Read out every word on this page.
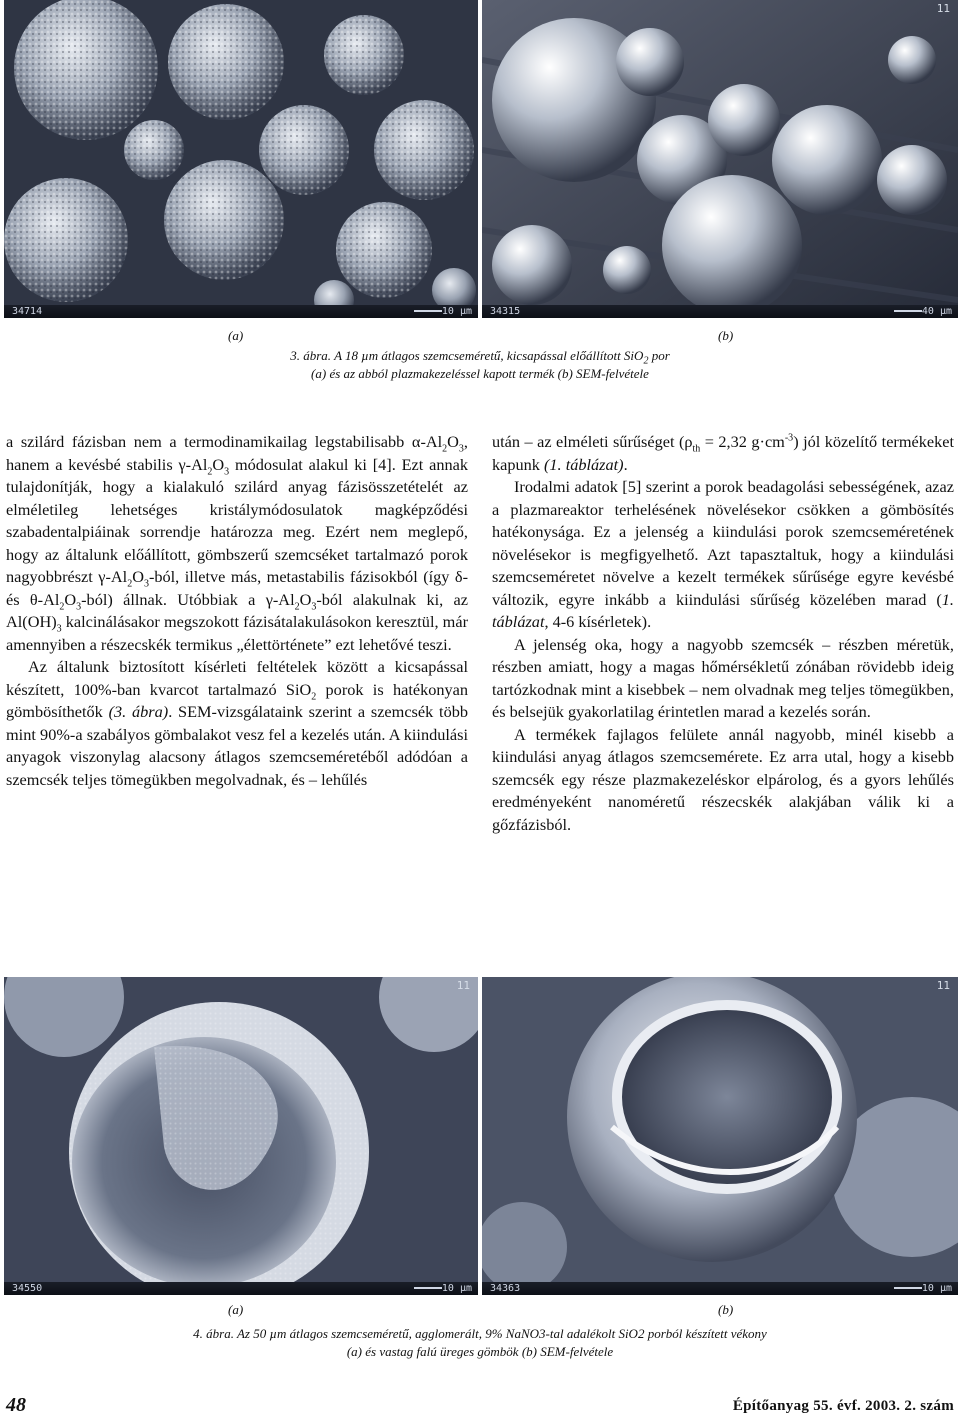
34714	10 µm
11
34315	40 µm
(a)	(b)
3. ábra. A 18 µm átlagos szemcseméretű, kicsapással előállított SiO$_2$ por
(a) és az abból plazmakezeléssel kapott termék (b) SEM-felvétele

a szilárd fázisban nem a termodinamikailag legstabilisabb $\alpha-Al_2O_3$, hanem a kevésbé stabilis $\gamma-Al_2O_3$ módosulat alakul ki [4]. Ezt annak tulajdonítják, hogy a kialakuló szilárd anyag fázisösszetételét az elméletileg lehetséges kristálymódosulatok magképződési szabadentalpiáinak sorrendje határozza meg. Ezért nem meglepő, hogy az általunk előállított, gömbszerű szemcséket tartalmazó porok nagyobbrészt $\gamma-Al_2O_3$-ból, illetve más, metastabilis fázisokból (így δ- és $\theta-Al_2O_3-ból$) állnak. Utóbbiak a $\gamma-Al_2O_3$-ból alakulnak ki, az $Al(OH)_3$ kalcinálásakor megszokott fázisátalakulásokon keresztül, már amennyiben a részecskék termikus „élettörténete” ezt lehetővé teszi.

Az általunk biztosított kísérleti feltételek között a kicsapással készített, 100%-ban kvarcot tartalmazó SiO$_2$ porok is hatékonyan gömbösíthetők (3. ábra). SEM-vizsgálataink szerint a szemcsék több mint 90%-a szabályos gömbalakot vesz fel a kezelés után. A kiindulási anyagok viszonylag alacsony átlagos szemcseméretéből adódóan a szemcsék teljes tömegükben megolvadnak, és – lehűlés

után – az elméleti sűrűséget ($\rho_{th} = 2,32$ $g\cdot cm^{-3}$) jól közelítő termékeket kapunk (1. táblázat).

Irodalmi adatok [5] szerint a porok beadagolási sebességének, azaz a plazmareaktor terhelésének növelésekor csökken a gömbösítés hatékonysága. Ez a jelenség a kiindulási porok szemcseméretének növelésekor is megfigyelhető. Azt tapasztaltuk, hogy a kiindulási szemcseméretet növelve a kezelt termékek sűrűsége egyre kevésbé változik, egyre inkább a kiindulási sűrűség közelében marad (1. táblázat, 4-6 kísérletek).

A jelenség oka, hogy a nagyobb szemcsék – részben méretük, részben amiatt, hogy a magas hőmérsékletű zónában rövidebb ideig tartózkodnak mint a kisebbek – nem olvadnak meg teljes tömegükben, és belsejük gyakorlatilag érintetlen marad a kezelés során.

A termékek fajlagos felülete annál nagyobb, minél kisebb a kiindulási anyag átlagos szemcsemérete. Ez arra utal, hogy a kisebb szemcsék egy része plazmakezeléskor elpárolog, és a gyors lehűlés eredményeként nanoméretű részecskék alakjában válik ki a gőzfázisból.

11
34550	10 µm
11
34363	10 µm
(a)	(b)
4. ábra. Az 50 µm átlagos szemcseméretű, agglomerált, 9% NaNO3-tal adalékolt SiO2 porból készített vékony
(a) és vastag falú üreges gömbök (b) SEM-felvétele
48	Építőanyag 55. évf. 2003. 2. szám
